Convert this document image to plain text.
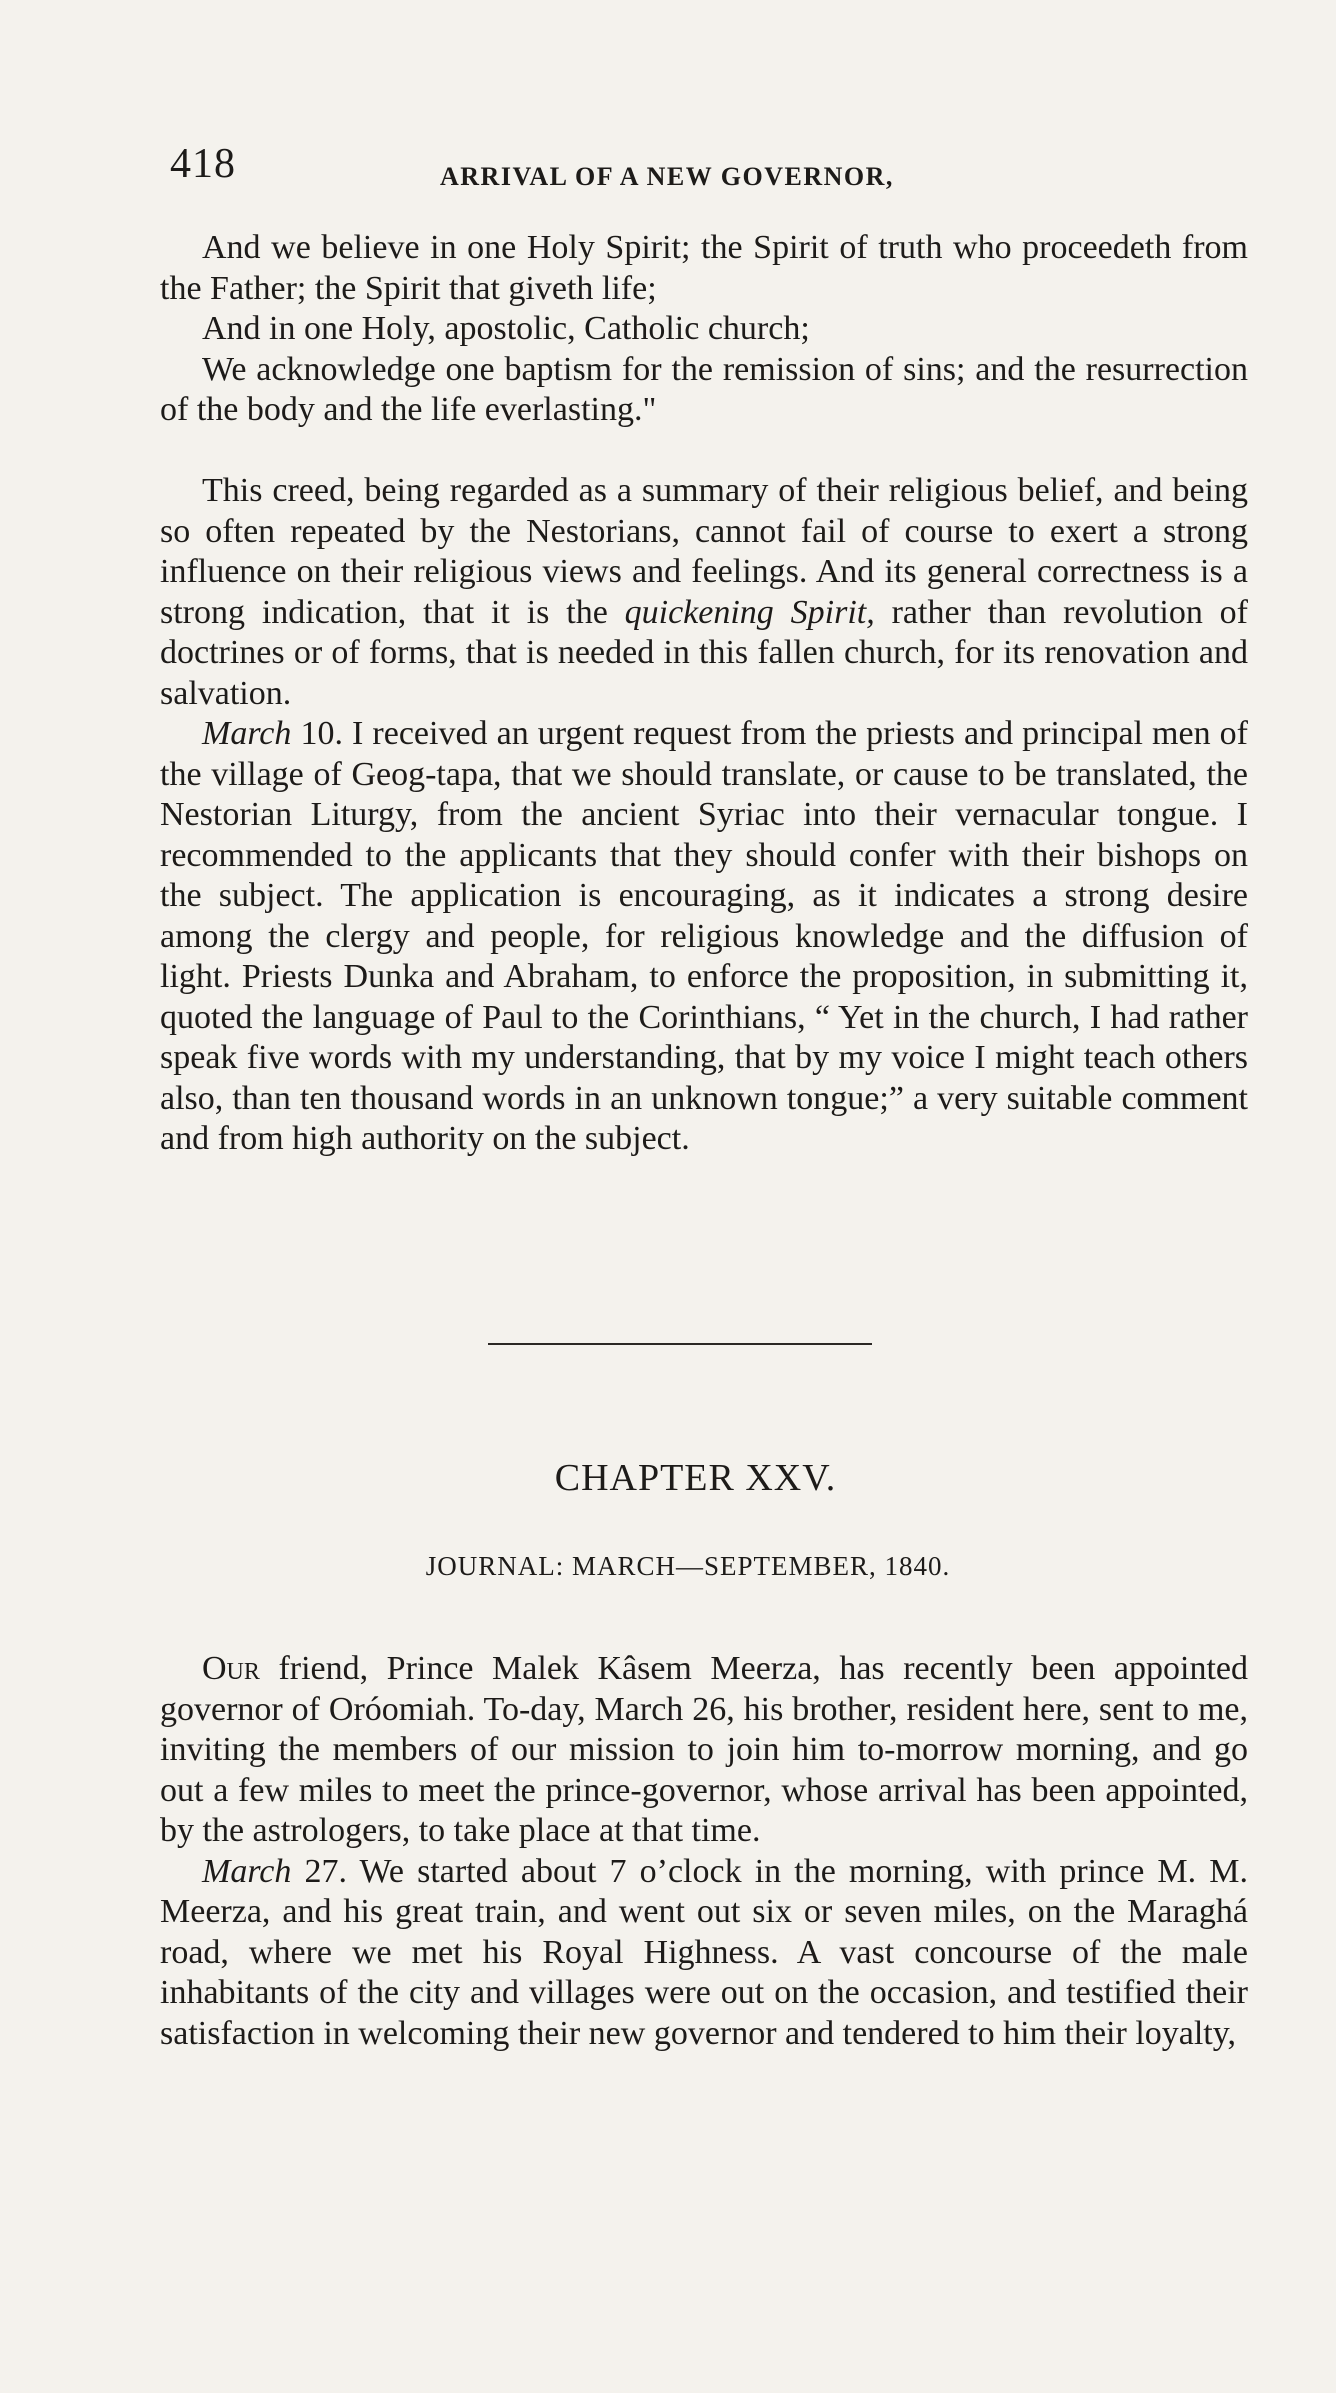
418	ARRIVAL OF A NEW GOVERNOR,

And we believe in one Holy Spirit; the Spirit of truth who proceedeth from the Father; the Spirit that giveth life;

And in one Holy, apostolic, Catholic church;

We acknowledge one baptism for the remission of sins; and the resurrection of the body and the life everlasting."

This creed, being regarded as a summary of their religious belief, and being so often repeated by the Nestorians, cannot fail of course to exert a strong influence on their religious views and feelings. And its general correctness is a strong indication, that it is the quickening Spirit, rather than revolution of doctrines or of forms, that is needed in this fallen church, for its renovation and salvation.

March 10. I received an urgent request from the priests and principal men of the village of Geog-tapa, that we should translate, or cause to be translated, the Nestorian Liturgy, from the ancient Syriac into their vernacular tongue. I recommended to the applicants that they should confer with their bishops on the subject. The application is encouraging, as it indicates a strong desire among the clergy and people, for religious knowledge and the diffusion of light. Priests Dunka and Abraham, to enforce the proposition, in submitting it, quoted the language of Paul to the Corinthians, “ Yet in the church, I had rather speak five words with my understanding, that by my voice I might teach others also, than ten thousand words in an unknown tongue;” a very suitable comment and from high authority on the subject.

CHAPTER XXV.
JOURNAL: MARCH—SEPTEMBER, 1840.

Our friend, Prince Malek Kâsem Meerza, has recently been appointed governor of Oróomiah. To-day, March 26, his brother, resident here, sent to me, inviting the members of our mission to join him to-morrow morning, and go out a few miles to meet the prince-governor, whose arrival has been appointed, by the astrologers, to take place at that time.

March 27. We started about 7 o’clock in the morning, with prince M. M. Meerza, and his great train, and went out six or seven miles, on the Maraghá road, where we met his Royal Highness. A vast concourse of the male inhabitants of the city and villages were out on the occasion, and testified their satisfaction in welcoming their new governor and tendered to him their loyalty,
